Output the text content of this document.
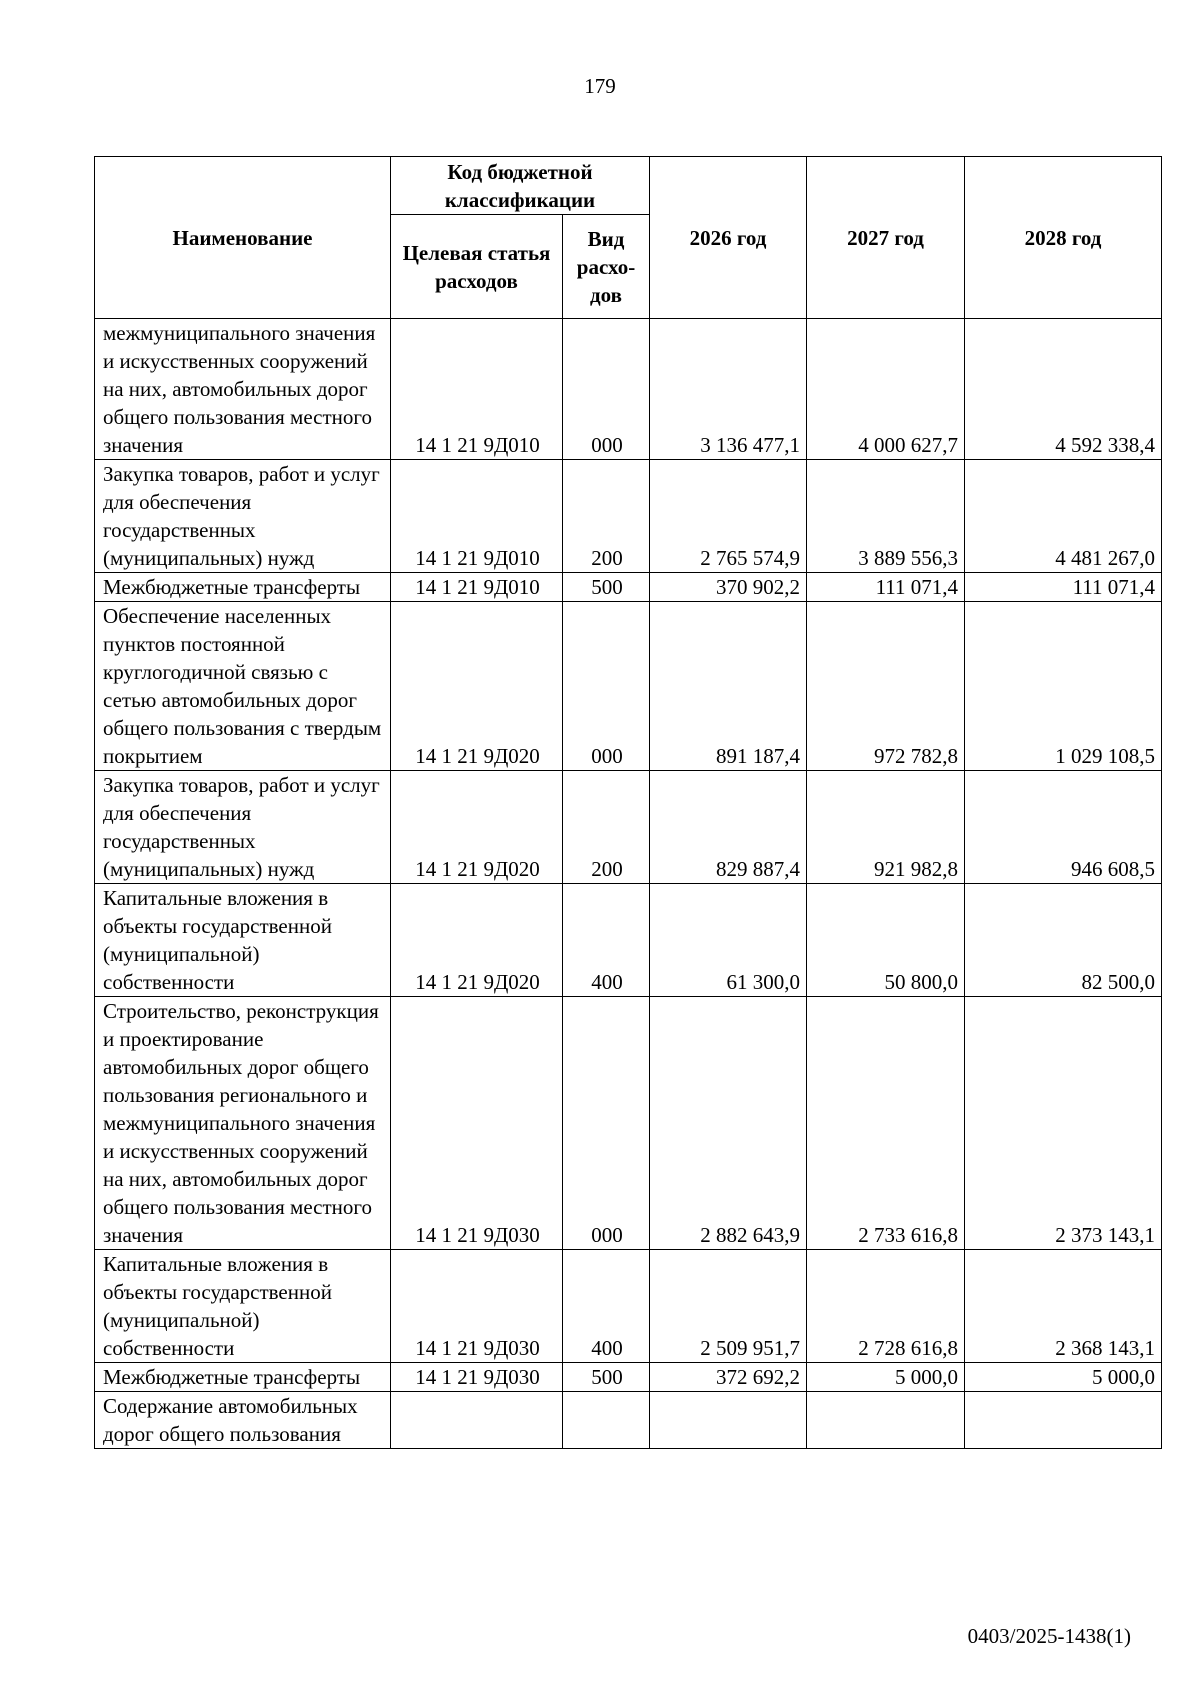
179
Наименование	Код бюджетной классификации		2026 год	2027 год	2028 год
	Целевая статья расходов	Вид расхо- дов			
межмуниципального значения и искусственных сооружений на них, автомобильных дорог общего пользования местного значения	14 1 21 9Д010	000	3 136 477,1	4 000 627,7	4 592 338,4
Закупка товаров, работ и услуг для обеспечения государственных (муниципальных) нужд	14 1 21 9Д010	200	2 765 574,9	3 889 556,3	4 481 267,0
Межбюджетные трансферты	14 1 21 9Д010	500	370 902,2	111 071,4	111 071,4
Обеспечение населенных пунктов постоянной круглогодичной связью с сетью автомобильных дорог общего пользования с твердым покрытием	14 1 21 9Д020	000	891 187,4	972 782,8	1 029 108,5
Закупка товаров, работ и услуг для обеспечения государственных (муниципальных) нужд	14 1 21 9Д020	200	829 887,4	921 982,8	946 608,5
Капитальные вложения в объекты государственной (муниципальной) собственности	14 1 21 9Д020	400	61 300,0	50 800,0	82 500,0
Строительство, реконструкция и проектирование автомобильных дорог общего пользования регионального и межмуниципального значения и искусственных сооружений на них, автомобильных дорог общего пользования местного значения	14 1 21 9Д030	000	2 882 643,9	2 733 616,8	2 373 143,1
Капитальные вложения в объекты государственной (муниципальной) собственности	14 1 21 9Д030	400	2 509 951,7	2 728 616,8	2 368 143,1
Межбюджетные трансферты	14 1 21 9Д030	500	372 692,2	5 000,0	5 000,0
Содержание автомобильных дорог общего пользования					
0403/2025-1438(1)
